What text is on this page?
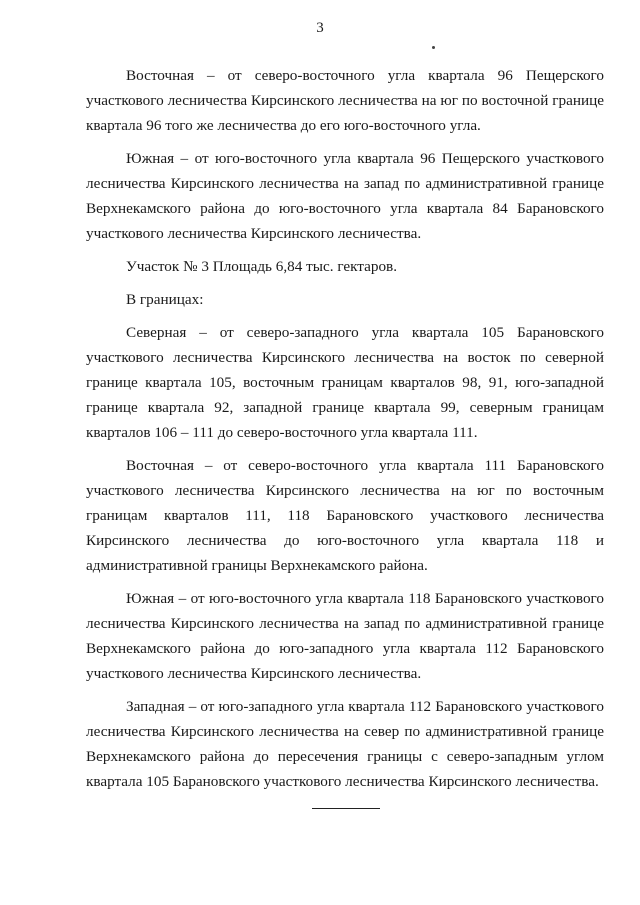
3

Восточная – от северо-восточного угла квартала 96 Пещерского участкового лесничества Кирсинского лесничества на юг по восточной границе квартала 96 того же лесничества до его юго-восточного угла.

Южная – от юго-восточного угла квартала 96 Пещерского участкового лесничества Кирсинского лесничества на запад по административной границе Верхнекамского района до юго-восточного угла квартала 84 Барановского участкового лесничества Кирсинского лесничества.

Участок № 3 Площадь 6,84 тыс. гектаров.

В границах:

Северная – от северо-западного угла квартала 105 Барановского участкового лесничества Кирсинского лесничества на восток по северной границе квартала 105, восточным границам кварталов 98, 91, юго-западной границе квартала 92, западной границе квартала 99, северным границам кварталов 106 – 111 до северо-восточного угла квартала 111.

Восточная – от северо-восточного угла квартала 111 Барановского участкового лесничества Кирсинского лесничества на юг по восточным границам кварталов 111, 118 Барановского участкового лесничества Кирсинского лесничества до юго-восточного угла квартала 118 и административной границы Верхнекамского района.

Южная – от юго-восточного угла квартала 118 Барановского участкового лесничества Кирсинского лесничества на запад по административной границе Верхнекамского района до юго-западного угла квартала 112 Барановского участкового лесничества Кирсинского лесничества.

Западная – от юго-западного угла квартала 112 Барановского участкового лесничества Кирсинского лесничества на север по административной границе Верхнекамского района до пересечения границы с северо-западным углом квартала 105 Барановского участкового лесничества Кирсинского лесничества.
